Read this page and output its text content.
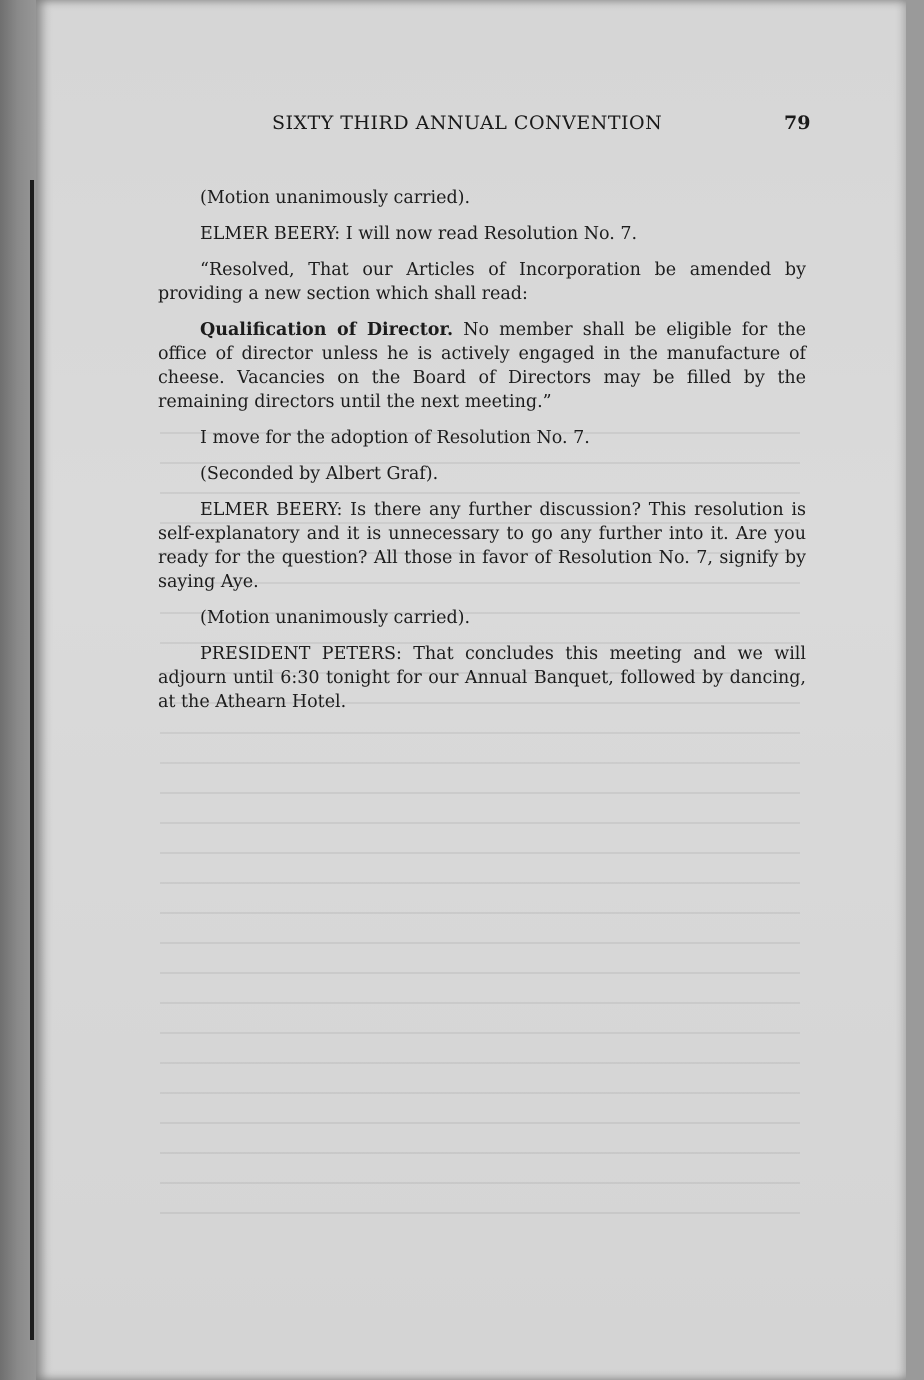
SIXTY THIRD ANNUAL CONVENTION	79

(Motion unanimously carried).

ELMER BEERY: I will now read Resolution No. 7.

“Resolved, That our Articles of Incorporation be amended by providing a new section which shall read:

Qualification of Director. No member shall be eligible for the office of director unless he is actively engaged in the manufacture of cheese. Vacancies on the Board of Directors may be filled by the remaining directors until the next meeting.”

I move for the adoption of Resolution No. 7.

(Seconded by Albert Graf).

ELMER BEERY: Is there any further discussion? This resolution is self-explanatory and it is unnecessary to go any further into it. Are you ready for the question? All those in favor of Resolution No. 7, signify by saying Aye.

(Motion unanimously carried).

PRESIDENT PETERS: That concludes this meeting and we will adjourn until 6:30 tonight for our Annual Banquet, followed by dancing, at the Athearn Hotel.
